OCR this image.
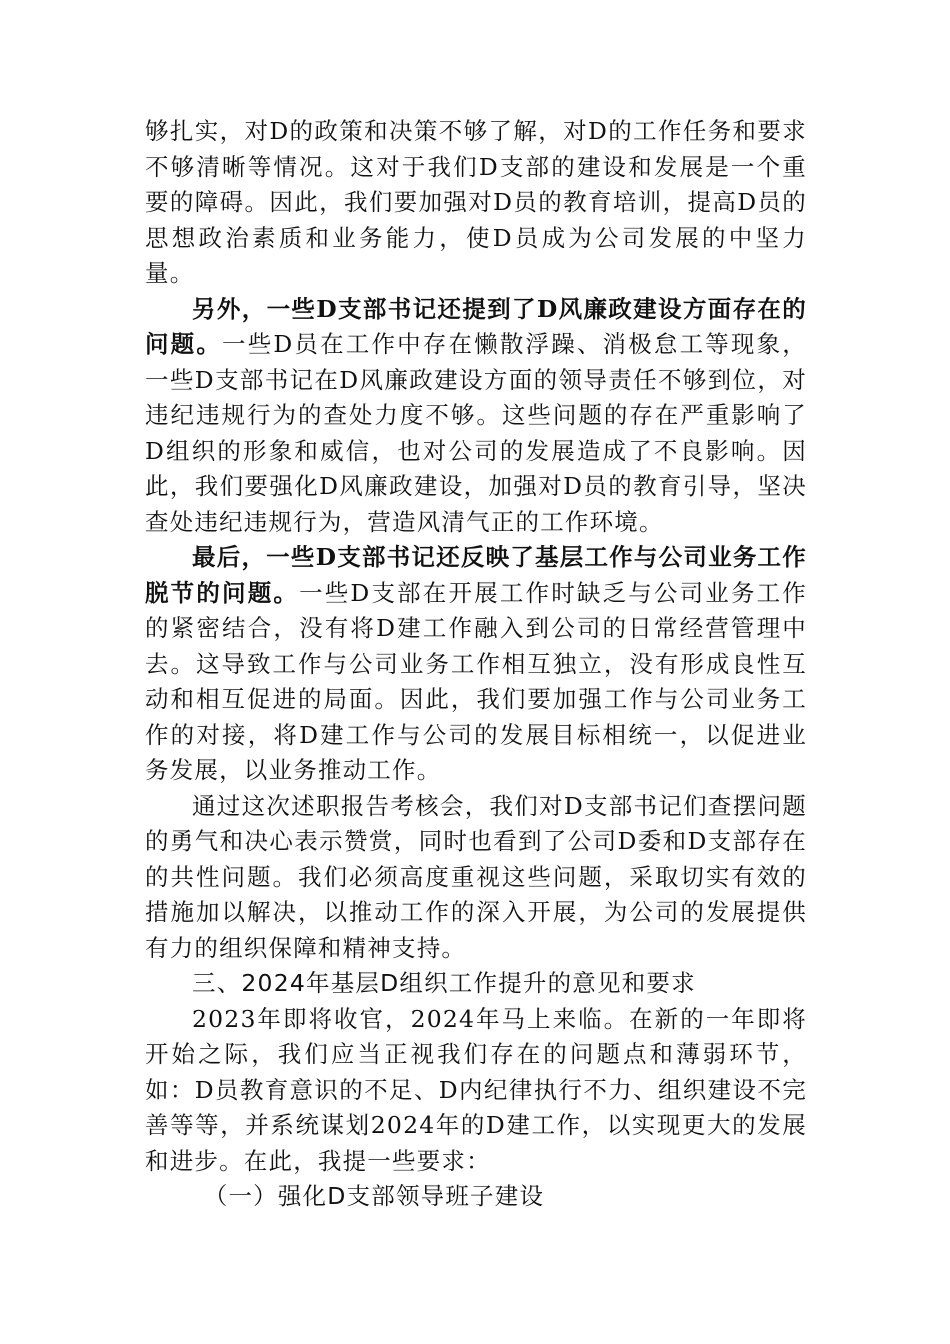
够扎实，对D的政策和决策不够了解，对D的工作任务和要求不够清晰等情况。这对于我们D支部的建设和发展是一个重要的障碍。因此，我们要加强对D员的教育培训，提高D员的思想政治素质和业务能力，使D员成为公司发展的中坚力量。

另外，一些D支部书记还提到了D风廉政建设方面存在的问题。一些D员在工作中存在懒散浮躁、消极怠工等现象，一些D支部书记在D风廉政建设方面的领导责任不够到位，对违纪违规行为的查处力度不够。这些问题的存在严重影响了D组织的形象和威信，也对公司的发展造成了不良影响。因此，我们要强化D风廉政建设，加强对D员的教育引导，坚决查处违纪违规行为，营造风清气正的工作环境。

最后，一些D支部书记还反映了基层工作与公司业务工作脱节的问题。一些D支部在开展工作时缺乏与公司业务工作的紧密结合，没有将D建工作融入到公司的日常经营管理中去。这导致工作与公司业务工作相互独立，没有形成良性互动和相互促进的局面。因此，我们要加强工作与公司业务工作的对接，将D建工作与公司的发展目标相统一，以促进业务发展，以业务推动工作。

通过这次述职报告考核会，我们对D支部书记们查摆问题的勇气和决心表示赞赏，同时也看到了公司D委和D支部存在的共性问题。我们必须高度重视这些问题，采取切实有效的措施加以解决，以推动工作的深入开展，为公司的发展提供有力的组织保障和精神支持。

三、2024年基层D组织工作提升的意见和要求

2023年即将收官，2024年马上来临。在新的一年即将开始之际，我们应当正视我们存在的问题点和薄弱环节，如：D员教育意识的不足、D内纪律执行不力、组织建设不完善等等，并系统谋划2024年的D建工作，以实现更大的发展和进步。在此，我提一些要求：

（一）强化D支部领导班子建设
